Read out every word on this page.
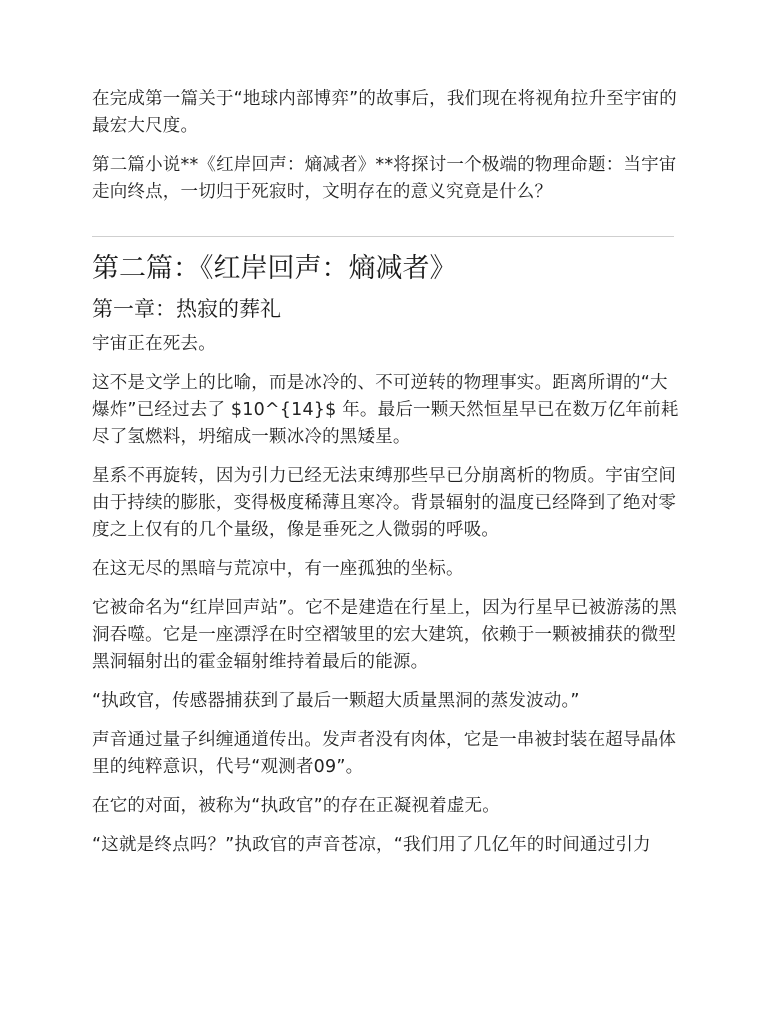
在完成第一篇关于“地球内部博弈”的故事后，我们现在将视角拉升至宇宙的最宏大尺度。

第二篇小说**《红岸回声：熵减者》**将探讨一个极端的物理命题：当宇宙走向终点，一切归于死寂时，文明存在的意义究竟是什么？

第二篇：《红岸回声：熵减者》
第一章：热寂的葬礼

宇宙正在死去。

这不是文学上的比喻，而是冰冷的、不可逆转的物理事实。距离所谓的“大爆炸”已经过去了 $10^{14}$ 年。最后一颗天然恒星早已在数万亿年前耗尽了氢燃料，坍缩成一颗冰冷的黑矮星。

星系不再旋转，因为引力已经无法束缚那些早已分崩离析的物质。宇宙空间由于持续的膨胀，变得极度稀薄且寒冷。背景辐射的温度已经降到了绝对零度之上仅有的几个量级，像是垂死之人微弱的呼吸。

在这无尽的黑暗与荒凉中，有一座孤独的坐标。

它被命名为“红岸回声站”。它不是建造在行星上，因为行星早已被游荡的黑洞吞噬。它是一座漂浮在时空褶皱里的宏大建筑，依赖于一颗被捕获的微型黑洞辐射出的霍金辐射维持着最后的能源。

“执政官，传感器捕获到了最后一颗超大质量黑洞的蒸发波动。”

声音通过量子纠缠通道传出。发声者没有肉体，它是一串被封装在超导晶体里的纯粹意识，代号“观测者09”。

在它的对面，被称为“执政官”的存在正凝视着虚无。

“这就是终点吗？”执政官的声音苍凉，“我们用了几亿年的时间通过引力
